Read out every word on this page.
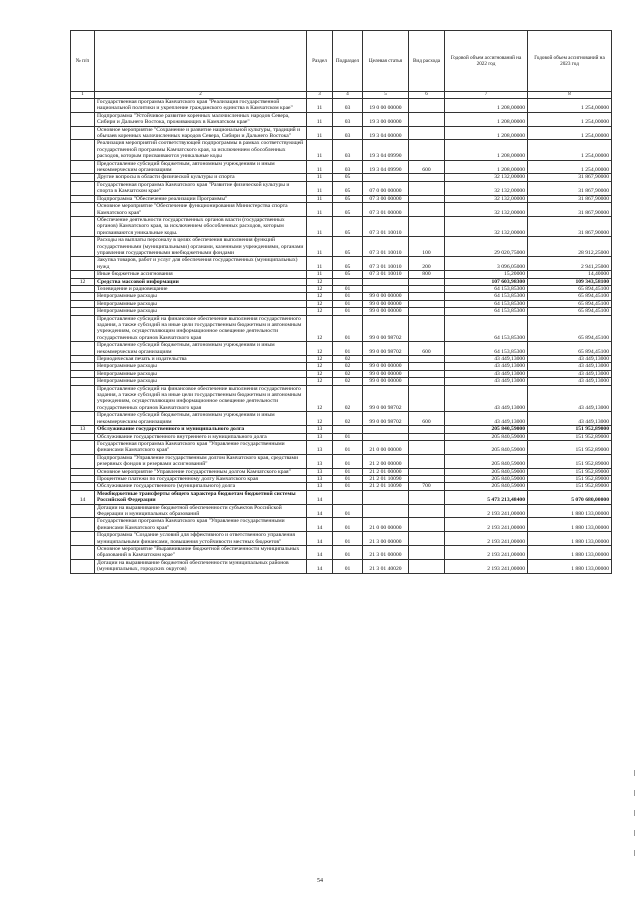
№ п/п		Раздел	Подраздел	Целевая статья	Вид расхода	Годовой объем ассигнований на 2022 год	Годовой объем ассигнований на 2023 год
1	2	3	4	5	6	7	8
	Государственная программа Камчатского края "Реализация государственной национальной политики и укрепление гражданского единства в Камчатском крае"	11	03	19 0 00 00000		1 208,00000	1 254,00000
	Подпрограмма "Устойчивое развитие коренных малочисленных народов Севера, Сибири и Дальнего Востока, проживающих в Камчатском крае"	11	03	19 3 00 00000		1 208,00000	1 254,00000
	Основное мероприятие "Сохранение и развитие национальной культуры, традиций и обычаев коренных малочисленных народов Севера, Сибири и Дальнего Востока"	11	03	19 3 04 00000		1 208,00000	1 254,00000
	Реализация мероприятий соответствующей подпрограммы в рамках соответствующей государственной программы Камчатского края, за исключением обособленных расходов, которым присваиваются уникальные коды	11	03	19 3 04 09990		1 208,00000	1 254,00000
	Предоставление субсидий бюджетным, автономным учреждениям и иным некоммерческим организациям	11	03	19 3 04 09990	600	1 208,00000	1 254,00000
	Другие вопросы в области физической культуры и спорта	11	05			32 132,00000	31 867,90000
	Государственная программа Камчатского края "Развитие физической культуры и спорта в Камчатском крае"	11	05	07 0 00 00000		32 132,00000	31 867,90000
	Подпрограмма "Обеспечение реализации Программы"	11	05	07 3 00 00000		32 132,00000	31 867,90000
	Основное мероприятие "Обеспечение функционирования Министерства спорта Камчатского края"	11	05	07 3 01 00000		32 132,00000	31 867,90000
	Обеспечение деятельности государственных органов власти (государственных органов) Камчатского края, за исключением обособленных расходов, которым присваиваются уникальные коды.	11	05	07 3 01 10010		32 132,00000	31 867,90000
	Расходы на выплаты персоналу в целях обеспечения выполнения функций государственными (муниципальными) органами, казенными учреждениями, органами управления государственными внебюджетными фондами	11	05	07 3 01 10010	100	29 020,75000	28 912,25000
	Закупка товаров, работ и услуг для обеспечения государственных (муниципальных) нужд	11	05	07 3 01 10010	200	3 096,05000	2 941,25000
	Иные бюджетные ассигнования	11	05	07 3 01 10010	800	15,20000	14,40000
12	Средства массовой информации	12				107 603,98300	109 343,58100
	Телевидение и радиовещание	12	01			64 153,85300	65 894,45100
	Непрограммные расходы	12	01	99 0 00 00000		64 153,85300	65 894,45100
	Непрограммные расходы	12	01	99 0 00 00000		64 153,85300	65 894,45100
	Непрограммные расходы	12	01	99 0 00 00000		64 153,85300	65 894,45100
	Предоставление субсидий на финансовое обеспечение выполнения государственного задания, а также субсидий на иные цели государственным бюджетным и автономным учреждениям, осуществляющим информационное освещение деятельности государственных органов Камчатского края	12	01	99 0 00 98702		64 153,85300	65 894,45100
	Предоставление субсидий бюджетным, автономным учреждениям и иным некоммерческим организациям	12	01	99 0 00 98702	600	64 153,85300	65 894,45100
	Периодическая печать и издательства	12	02			43 449,13000	43 449,13000
	Непрограммные расходы	12	02	99 0 00 00000		43 449,13000	43 449,13000
	Непрограммные расходы	12	02	99 0 00 00000		43 449,13000	43 449,13000
	Непрограммные расходы	12	02	99 0 00 00000		43 449,13000	43 449,13000
	Предоставление субсидий на финансовое обеспечение выполнения государственного задания, а также субсидий на иные цели государственным бюджетным и автономным учреждениям, осуществляющим информационное освещение деятельности государственных органов Камчатского края	12	02	99 0 00 98702		43 449,13000	43 449,13000
	Предоставление субсидий бюджетным, автономным учреждениям и иным некоммерческим организациям	12	02	99 0 00 98702	600	43 449,13000	43 449,13000
13	Обслуживание государственного и муниципального долга	13				205 840,59000	151 952,89000
	Обслуживание государственного внутреннего и муниципального долга	13	01			205 840,59000	151 952,89000
	Государственная программа Камчатского края "Управление государственными финансами Камчатского края"	13	01	21 0 00 00000		205 840,59000	151 952,89000
	Подпрограмма "Управление государственным долгом Камчатского края, средствами резервных фондов и резервами ассигнований"	13	01	21 2 00 00000		205 840,59000	151 952,89000
	Основное мероприятие "Управление государственным долгом Камчатского края"	13	01	21 2 01 00000		205 840,59000	151 952,89000
	Процентные платежи по государственному долгу Камчатского края	13	01	21 2 01 10090		205 840,59000	151 952,89000
	Обслуживание государственного (муниципального) долга	13	01	21 2 01 10090	700	205 840,59000	151 952,89000
14	Межбюджетные трансферты общего характера бюджетам бюджетной системы Российской Федерации	14				5 473 213,48400	5 070 680,00000
	Дотации на выравнивание бюджетной обеспеченности субъектов Российской Федерации и муниципальных образований	14	01			2 193 241,00000	1 880 133,00000
	Государственная программа Камчатского края "Управление государственными финансами Камчатского края"	14	01	21 0 00 00000		2 193 241,00000	1 880 133,00000
	Подпрограмма "Создание условий для эффективного и ответственного управления муниципальными финансами, повышения устойчивости местных бюджетов"	14	01	21 3 00 00000		2 193 241,00000	1 880 133,00000
	Основное мероприятие "Выравнивание бюджетной обеспеченности муниципальных образований в Камчатском крае"	14	01	21 3 01 00000		2 193 241,00000	1 880 133,00000
	Дотации на выравнивание бюджетной обеспеченности муниципальных районов (муниципальных, городских округов)	14	01	21 3 01 40020		2 193 241,00000	1 880 133,00000
54
